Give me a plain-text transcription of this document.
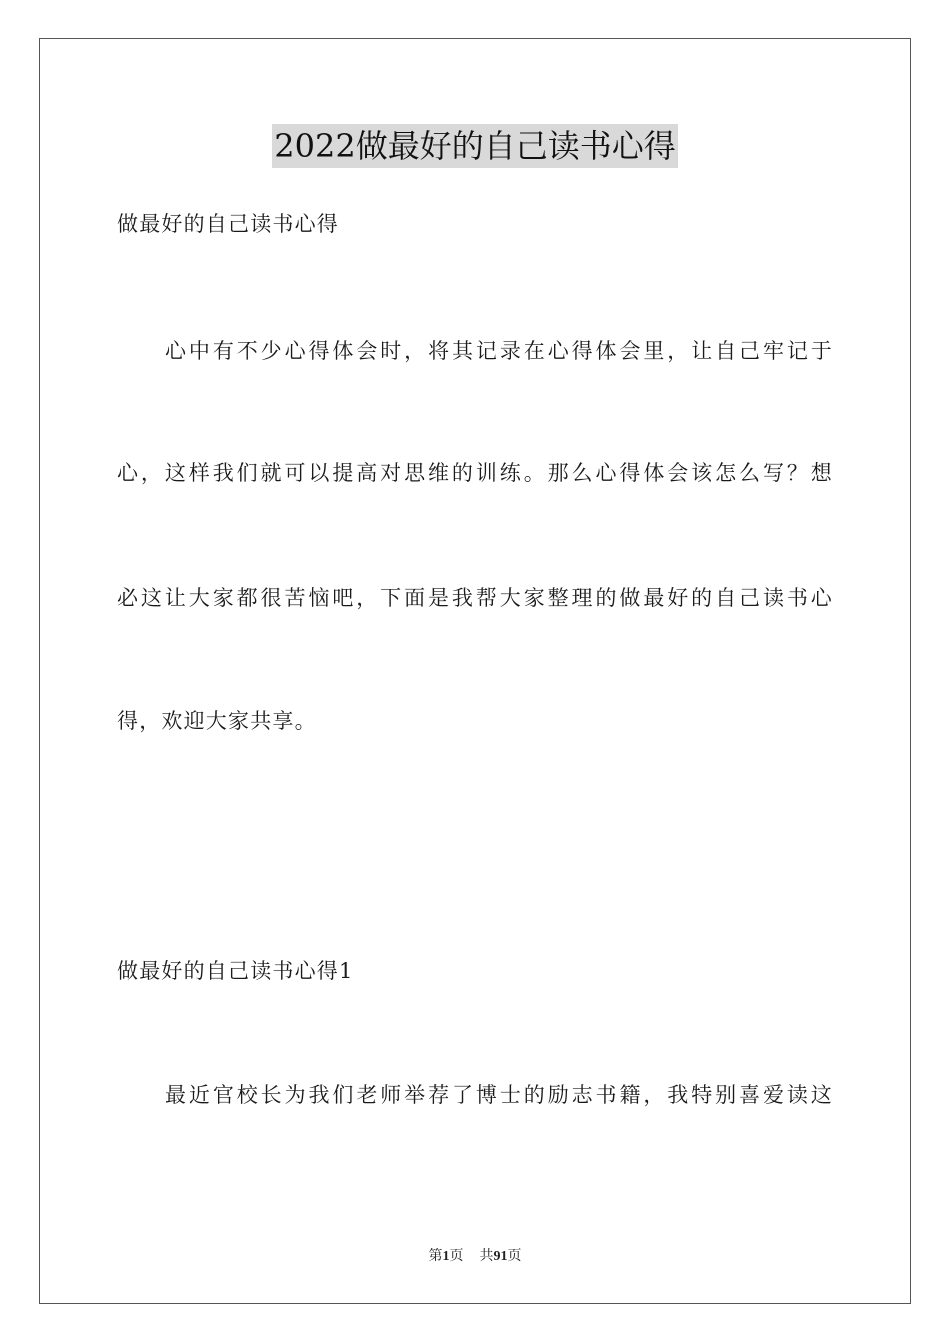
2022做最好的自己读书心得
做最好的自己读书心得
心中有不少心得体会时，将其记录在心得体会里，让自己牢记于
心，这样我们就可以提高对思维的训练。那么心得体会该怎么写？想
必这让大家都很苦恼吧，下面是我帮大家整理的做最好的自己读书心
得，欢迎大家共享。
做最好的自己读书心得1
最近官校长为我们老师举荐了博士的励志书籍，我特别喜爱读这
第1页 共91页
